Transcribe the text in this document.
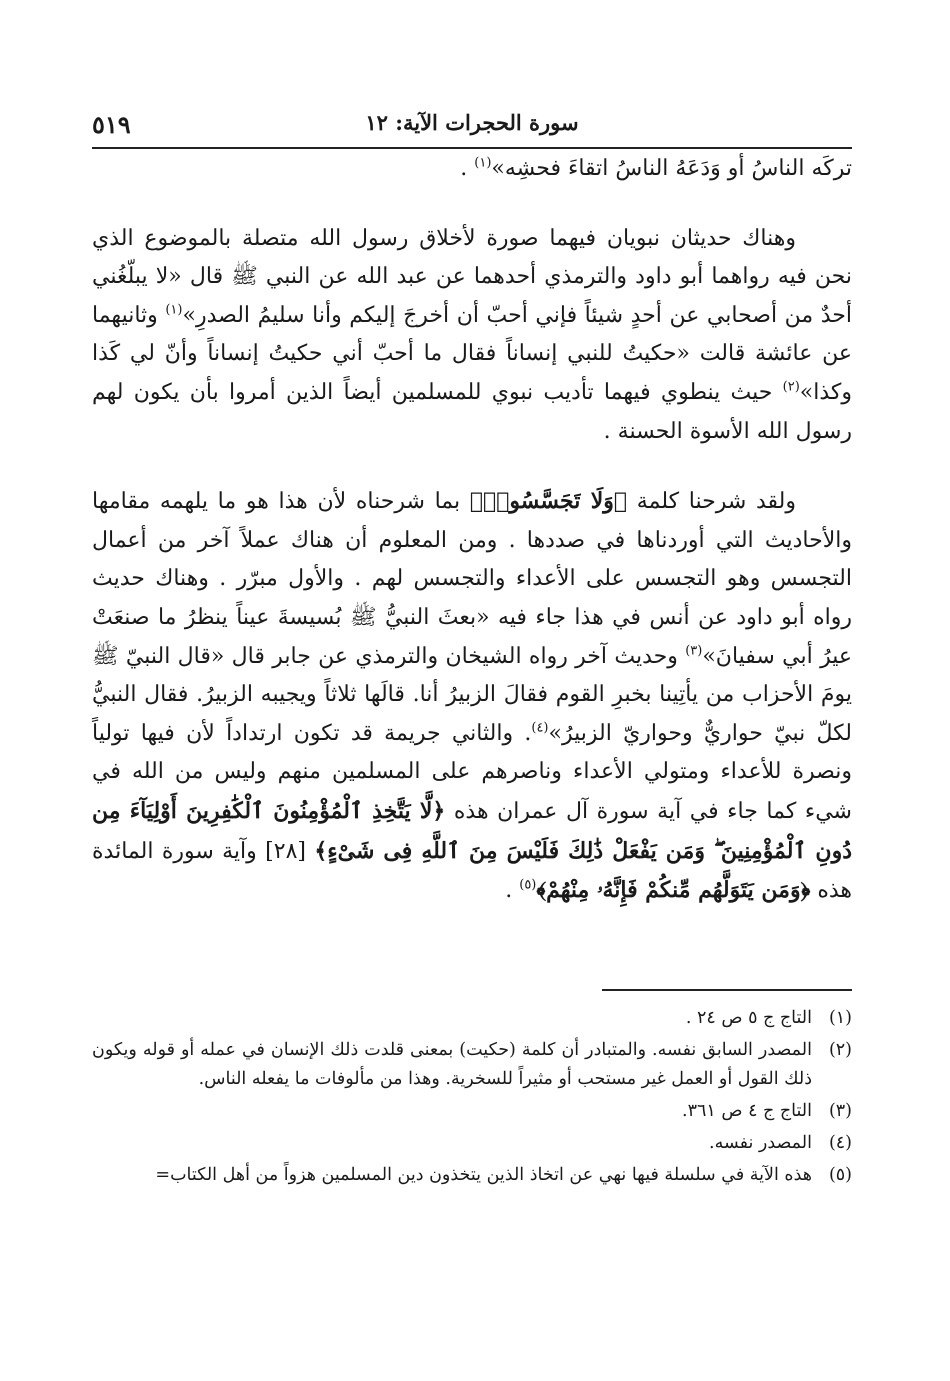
٥١٩	سورة الحجرات الآية: ١٢

تركَه الناسُ أو وَدَعَهُ الناسُ اتقاءَ فحشِه»$^{(١)}$ .

وهناك حديثان نبويان فيهما صورة لأخلاق رسول الله متصلة بالموضوع الذي نحن فيه رواهما أبو داود والترمذي أحدهما عن عبد الله عن النبي ﷺ قال «لا يبلّغُني أحدٌ من أصحابي عن أحدٍ شيئاً فإني أحبّ أن أخرجَ إليكم وأنا سليمُ الصدرِ»$^{(١)}$ وثانيهما عن عائشة قالت «حكيتُ للنبي إنساناً فقال ما أحبّ أني حكيتُ إنساناً وأنّ لي كَذا وكذا»$^{(٢)}$ حيث ينطوي فيهما تأديب نبوي للمسلمين أيضاً الذين أمروا بأن يكون لهم رسول الله الأسوة الحسنة .

ولقد شرحنا كلمة ﴿وَلَا تَجَسَّسُوا۟﴾ بما شرحناه لأن هذا هو ما يلهمه مقامها والأحاديث التي أوردناها في صددها . ومن المعلوم أن هناك عملاً آخر من أعمال التجسس وهو التجسس على الأعداء والتجسس لهم . والأول مبرّر . وهناك حديث رواه أبو داود عن أنس في هذا جاء فيه «بعثَ النبيُّ ﷺ بُسيسةَ عيناً ينظرُ ما صنعَتْ عيرُ أبي سفيانَ»$^{(٣)}$ وحديث آخر رواه الشيخان والترمذي عن جابر قال «قال النبيّ ﷺ يومَ الأحزاب من يأتِينا بخبرِ القوم فقالَ الزبيرُ أنا. قالَها ثلاثاً ويجيبه الزبيرُ. فقال النبيُّ لكلّ نبيّ حواريٌّ وحواريّ الزبيرُ»$^{(٤)}$. والثاني جريمة قد تكون ارتداداً لأن فيها تولياً ونصرة للأعداء ومتولي الأعداء وناصرهم على المسلمين منهم وليس من الله في شيء كما جاء في آية سورة آل عمران هذه ﴿لَّا يَتَّخِذِ ٱلْمُؤْمِنُونَ ٱلْكَٰفِرِينَ أَوْلِيَآءَ مِن دُونِ ٱلْمُؤْمِنِينَ ۖ وَمَن يَفْعَلْ ذَٰلِكَ فَلَيْسَ مِنَ ٱللَّهِ فِى شَىْءٍ﴾ [٢٨] وآية سورة المائدة هذه ﴿وَمَن يَتَوَلَّهُم مِّنكُمْ فَإِنَّهُۥ مِنْهُمْ﴾$^{(٥)}$ .

(١)
التاج ج ٥ ص ٢٤ .
(٢)
المصدر السابق نفسه. والمتبادر أن كلمة (حكيت) بمعنى قلدت ذلك الإنسان في عمله أو قوله ويكون ذلك القول أو العمل غير مستحب أو مثيراً للسخرية. وهذا من مألوفات ما يفعله الناس.
(٣)
التاج ج ٤ ص ٣٦١.
(٤)
المصدر نفسه.
(٥)
هذه الآية في سلسلة فيها نهي عن اتخاذ الذين يتخذون دين المسلمين هزواً من أهل الكتاب=
